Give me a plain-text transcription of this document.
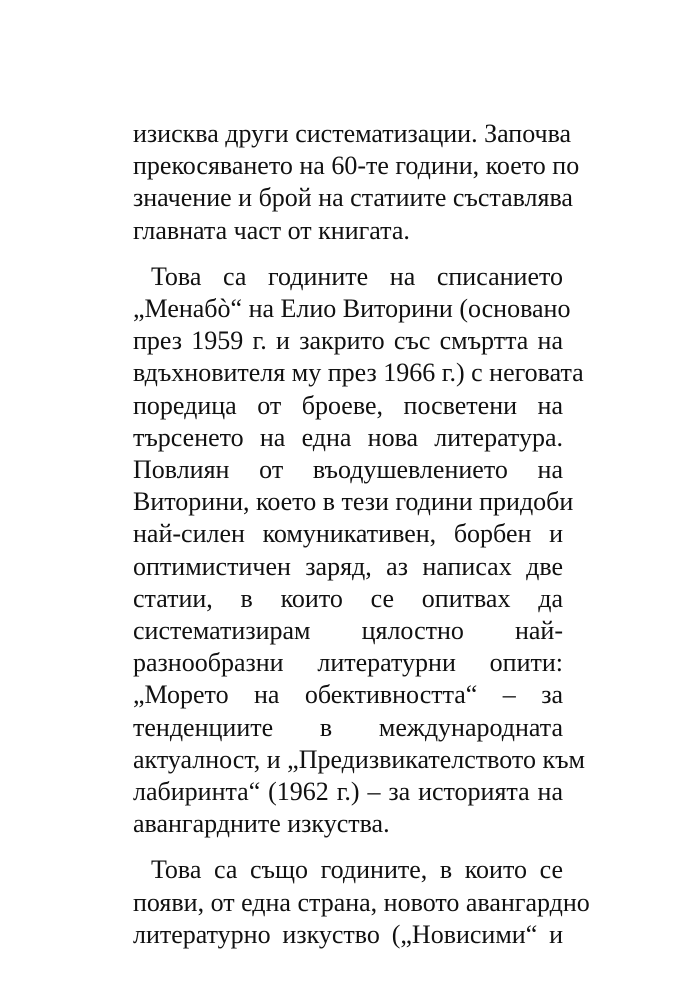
изисква други систематизации. Започва
прекосяването на 60-те години, което по
значение и брой на статиите съставлява
главната част от книгата.
Това са годините на списанието
„Менабò“ на Елио Виторини (основано
през 1959 г. и закрито със смъртта на
вдъхновителя му през 1966 г.) с неговата
поредица от броеве, посветени на
търсенето на една нова литература.
Повлиян от въодушевлението на
Виторини, което в тези години придоби
най-силен комуникативен, борбен и
оптимистичен заряд, аз написах две
статии, в които се опитвах да
систематизирам цялостно най-
разнообразни литературни опити:
„Морето на обективността“ – за
тенденциите в международната
актуалност, и „Предизвикателството към
лабиринта“ (1962 г.) – за историята на
авангардните изкуства.
Това са също годините, в които се
появи, от една страна, новото авангардно
литературно изкуство („Новисими“ и
